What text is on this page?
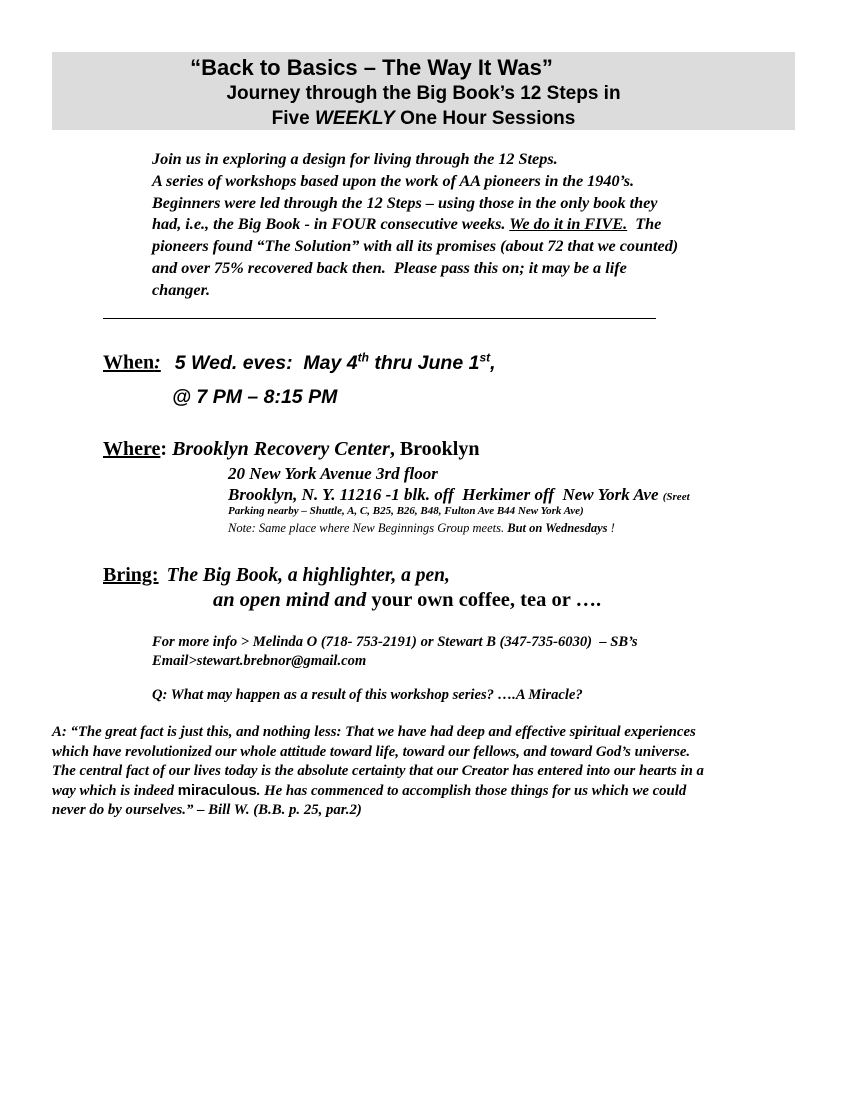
“Back to Basics – The Way It Was”
Journey through the Big Book’s 12 Steps in
Five WEEKLY One Hour Sessions
Join us in exploring a design for living through the 12 Steps.
A series of workshops based upon the work of AA pioneers in the 1940’s.
Beginners were led through the 12 Steps – using those in the only book they
had, i.e., the Big Book - in FOUR consecutive weeks. We do it in FIVE.  The
pioneers found “The Solution” with all its promises (about 72 that we counted)
and over 75% recovered back then.  Please pass this on; it may be a life
changer.
When: 5 Wed. eves:  May 4th thru June 1st,
@ 7 PM – 8:15 PM
Where: Brooklyn Recovery Center, Brooklyn
20 New York Avenue 3rd floor
Brooklyn, N. Y. 11216 -1 blk. off  Herkimer off  New York Ave (Sreet
Parking nearby – Shuttle, A, C, B25, B26, B48, Fulton Ave B44 New York Ave)
Note: Same place where New Beginnings Group meets. But on Wednesdays !
Bring: The Big Book, a highlighter, a pen,
an open mind and your own coffee, tea or ….
For more info > Melinda O (718- 753-2191) or Stewart B (347-735-6030)  – SB’s
Email>stewart.brebnor@gmail.com
Q: What may happen as a result of this workshop series? ….A Miracle?
A: “The great fact is just this, and nothing less: That we have had deep and effective spiritual experiences
which have revolutionized our whole attitude toward life, toward our fellows, and toward God’s universe.
The central fact of our lives today is the absolute certainty that our Creator has entered into our hearts in a
way which is indeed miraculous. He has commenced to accomplish those things for us which we could
never do by ourselves.” – Bill W. (B.B. p. 25, par.2)
